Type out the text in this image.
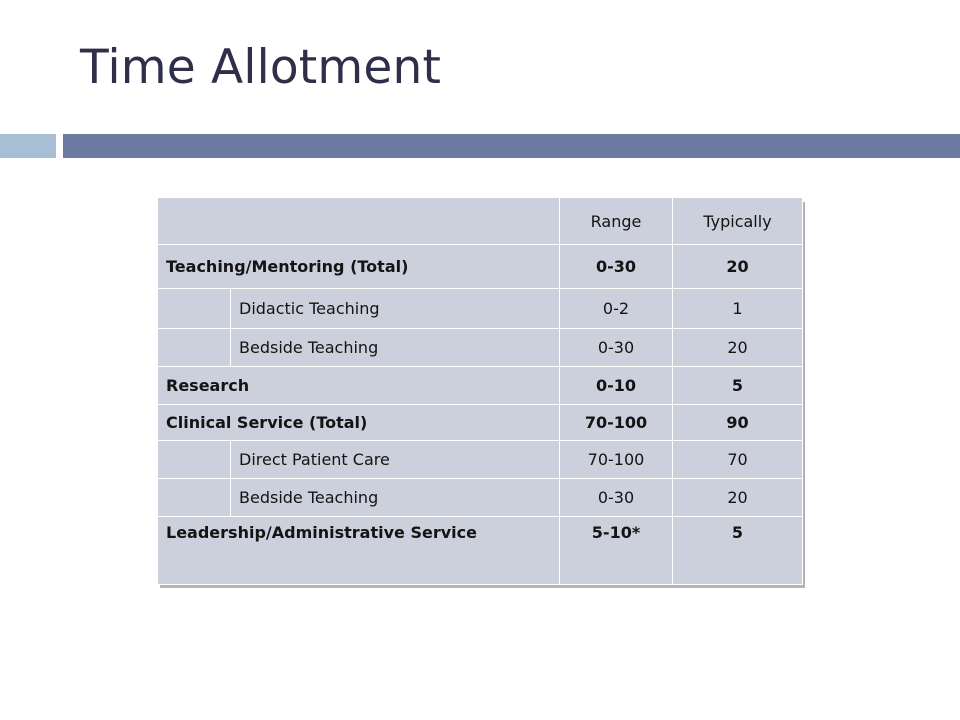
Time Allotment
		Range	Typically
Teaching/Mentoring (Total)		0-30	20
	Didactic Teaching	0-2	1
	Bedside Teaching	0-30	20
Research		0-10	5
Clinical Service (Total)		70-100	90
	Direct Patient Care	70-100	70
	Bedside Teaching	0-30	20
Leadership/Administrative Service		5-10*	5
